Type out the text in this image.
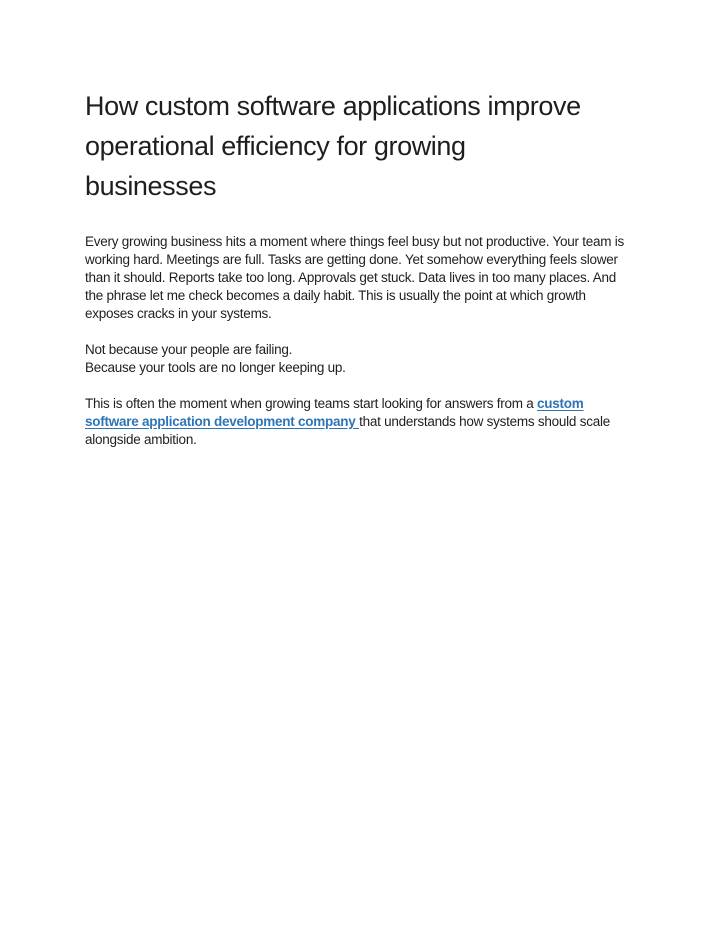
How custom software applications improve
operational efficiency for growing
businesses

Every growing business hits a moment where things feel busy but not productive. Your team is
working hard. Meetings are full. Tasks are getting done. Yet somehow everything feels slower
than it should. Reports take too long. Approvals get stuck. Data lives in too many places. And
the phrase let me check becomes a daily habit. This is usually the point at which growth
exposes cracks in your systems.

Not because your people are failing.
Because your tools are no longer keeping up.

This is often the moment when growing teams start looking for answers from a custom
software application development company that understands how systems should scale
alongside ambition.
